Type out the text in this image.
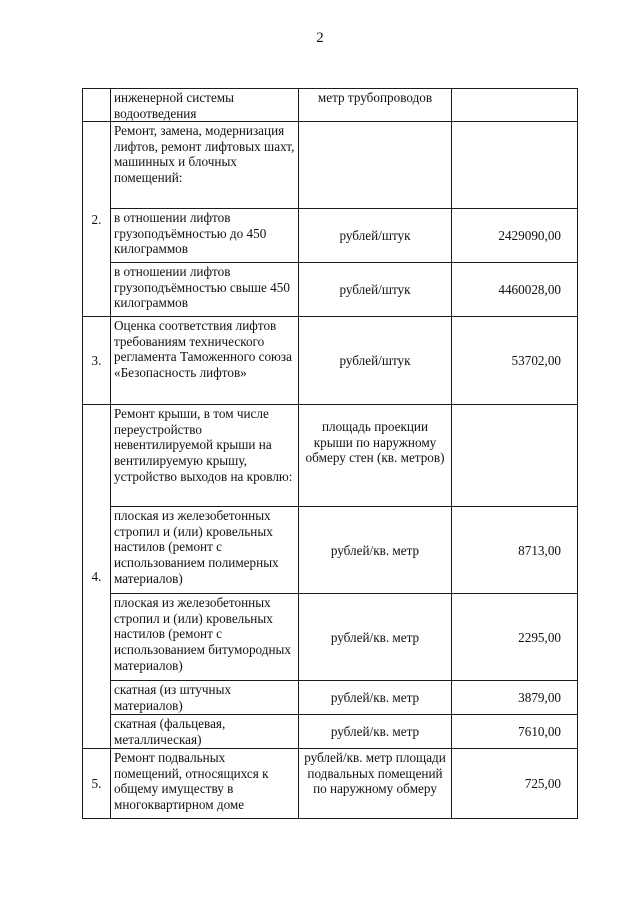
2
	инженерной системы водоотведения	метр трубопроводов	
2.	Ремонт, замена, модернизация лифтов, ремонт лифтовых шахт, машинных и блочных помещений:		
	в отношении лифтов грузоподъёмностью до 450 килограммов	рублей/штук	2429090,00
	в отношении лифтов грузоподъёмностью свыше 450 килограммов	рублей/штук	4460028,00
3.	Оценка соответствия лифтов требованиям технического регламента Таможенного союза «Безопасность лифтов»	рублей/штук	53702,00
4.	Ремонт крыши, в том числе переустройство невентилируемой крыши на вентилируемую крышу, устройство выходов на кровлю:	площадь проекции крыши по наружному обмеру стен (кв. метров)	
	плоская из железобетонных стропил и (или) кровельных настилов (ремонт с использованием полимерных материалов)	рублей/кв. метр	8713,00
	плоская из железобетонных стропил и (или) кровельных настилов (ремонт с использованием битумородных материалов)	рублей/кв. метр	2295,00
	скатная (из штучных материалов)	рублей/кв. метр	3879,00
	скатная (фальцевая, металлическая)	рублей/кв. метр	7610,00
5.	Ремонт подвальных помещений, относящихся к общему имуществу в многоквартирном доме	рублей/кв. метр площади подвальных помещений по наружному обмеру	725,00
